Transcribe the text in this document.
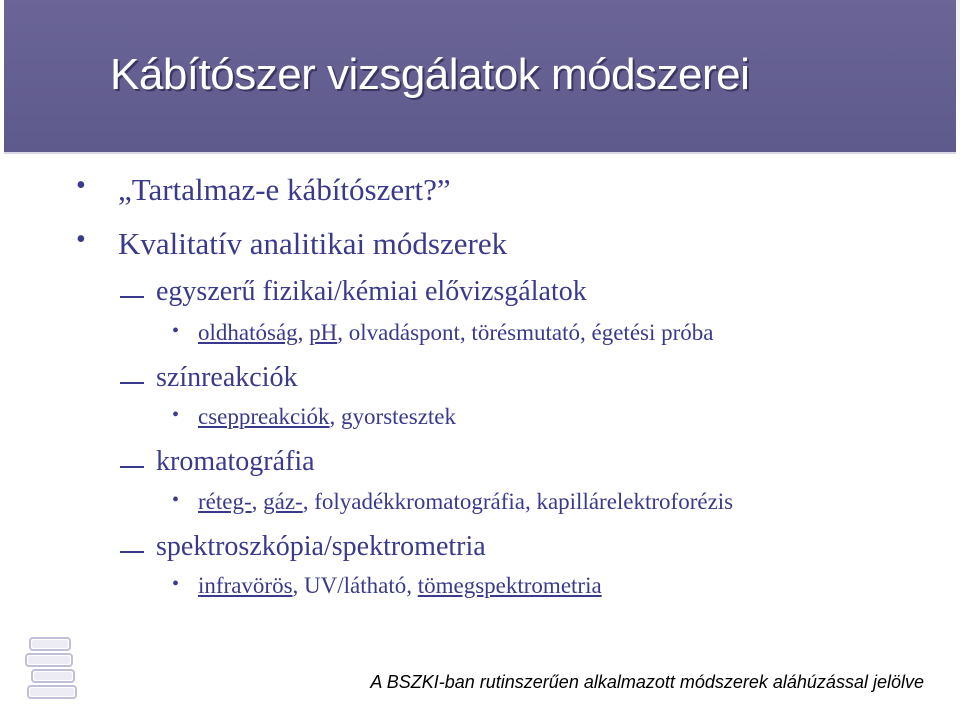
Kábítószer vizsgálatok módszerei
• „Tartalmaz-e kábítószert?”
• Kvalitatív analitikai módszerek
egyszerű fizikai/kémiai elővizsgálatok
• oldhatóság, pH, olvadáspont, törésmutató, égetési próba
színreakciók
• cseppreakciók, gyorstesztek
kromatográfia
• réteg-, gáz-, folyadékkromatográfia, kapillárelektroforézis
spektroszkópia/spektrometria
• infravörös, UV/látható, tömegspektrometria
A BSZKI-ban rutinszerűen alkalmazott módszerek aláhúzással jelölve
